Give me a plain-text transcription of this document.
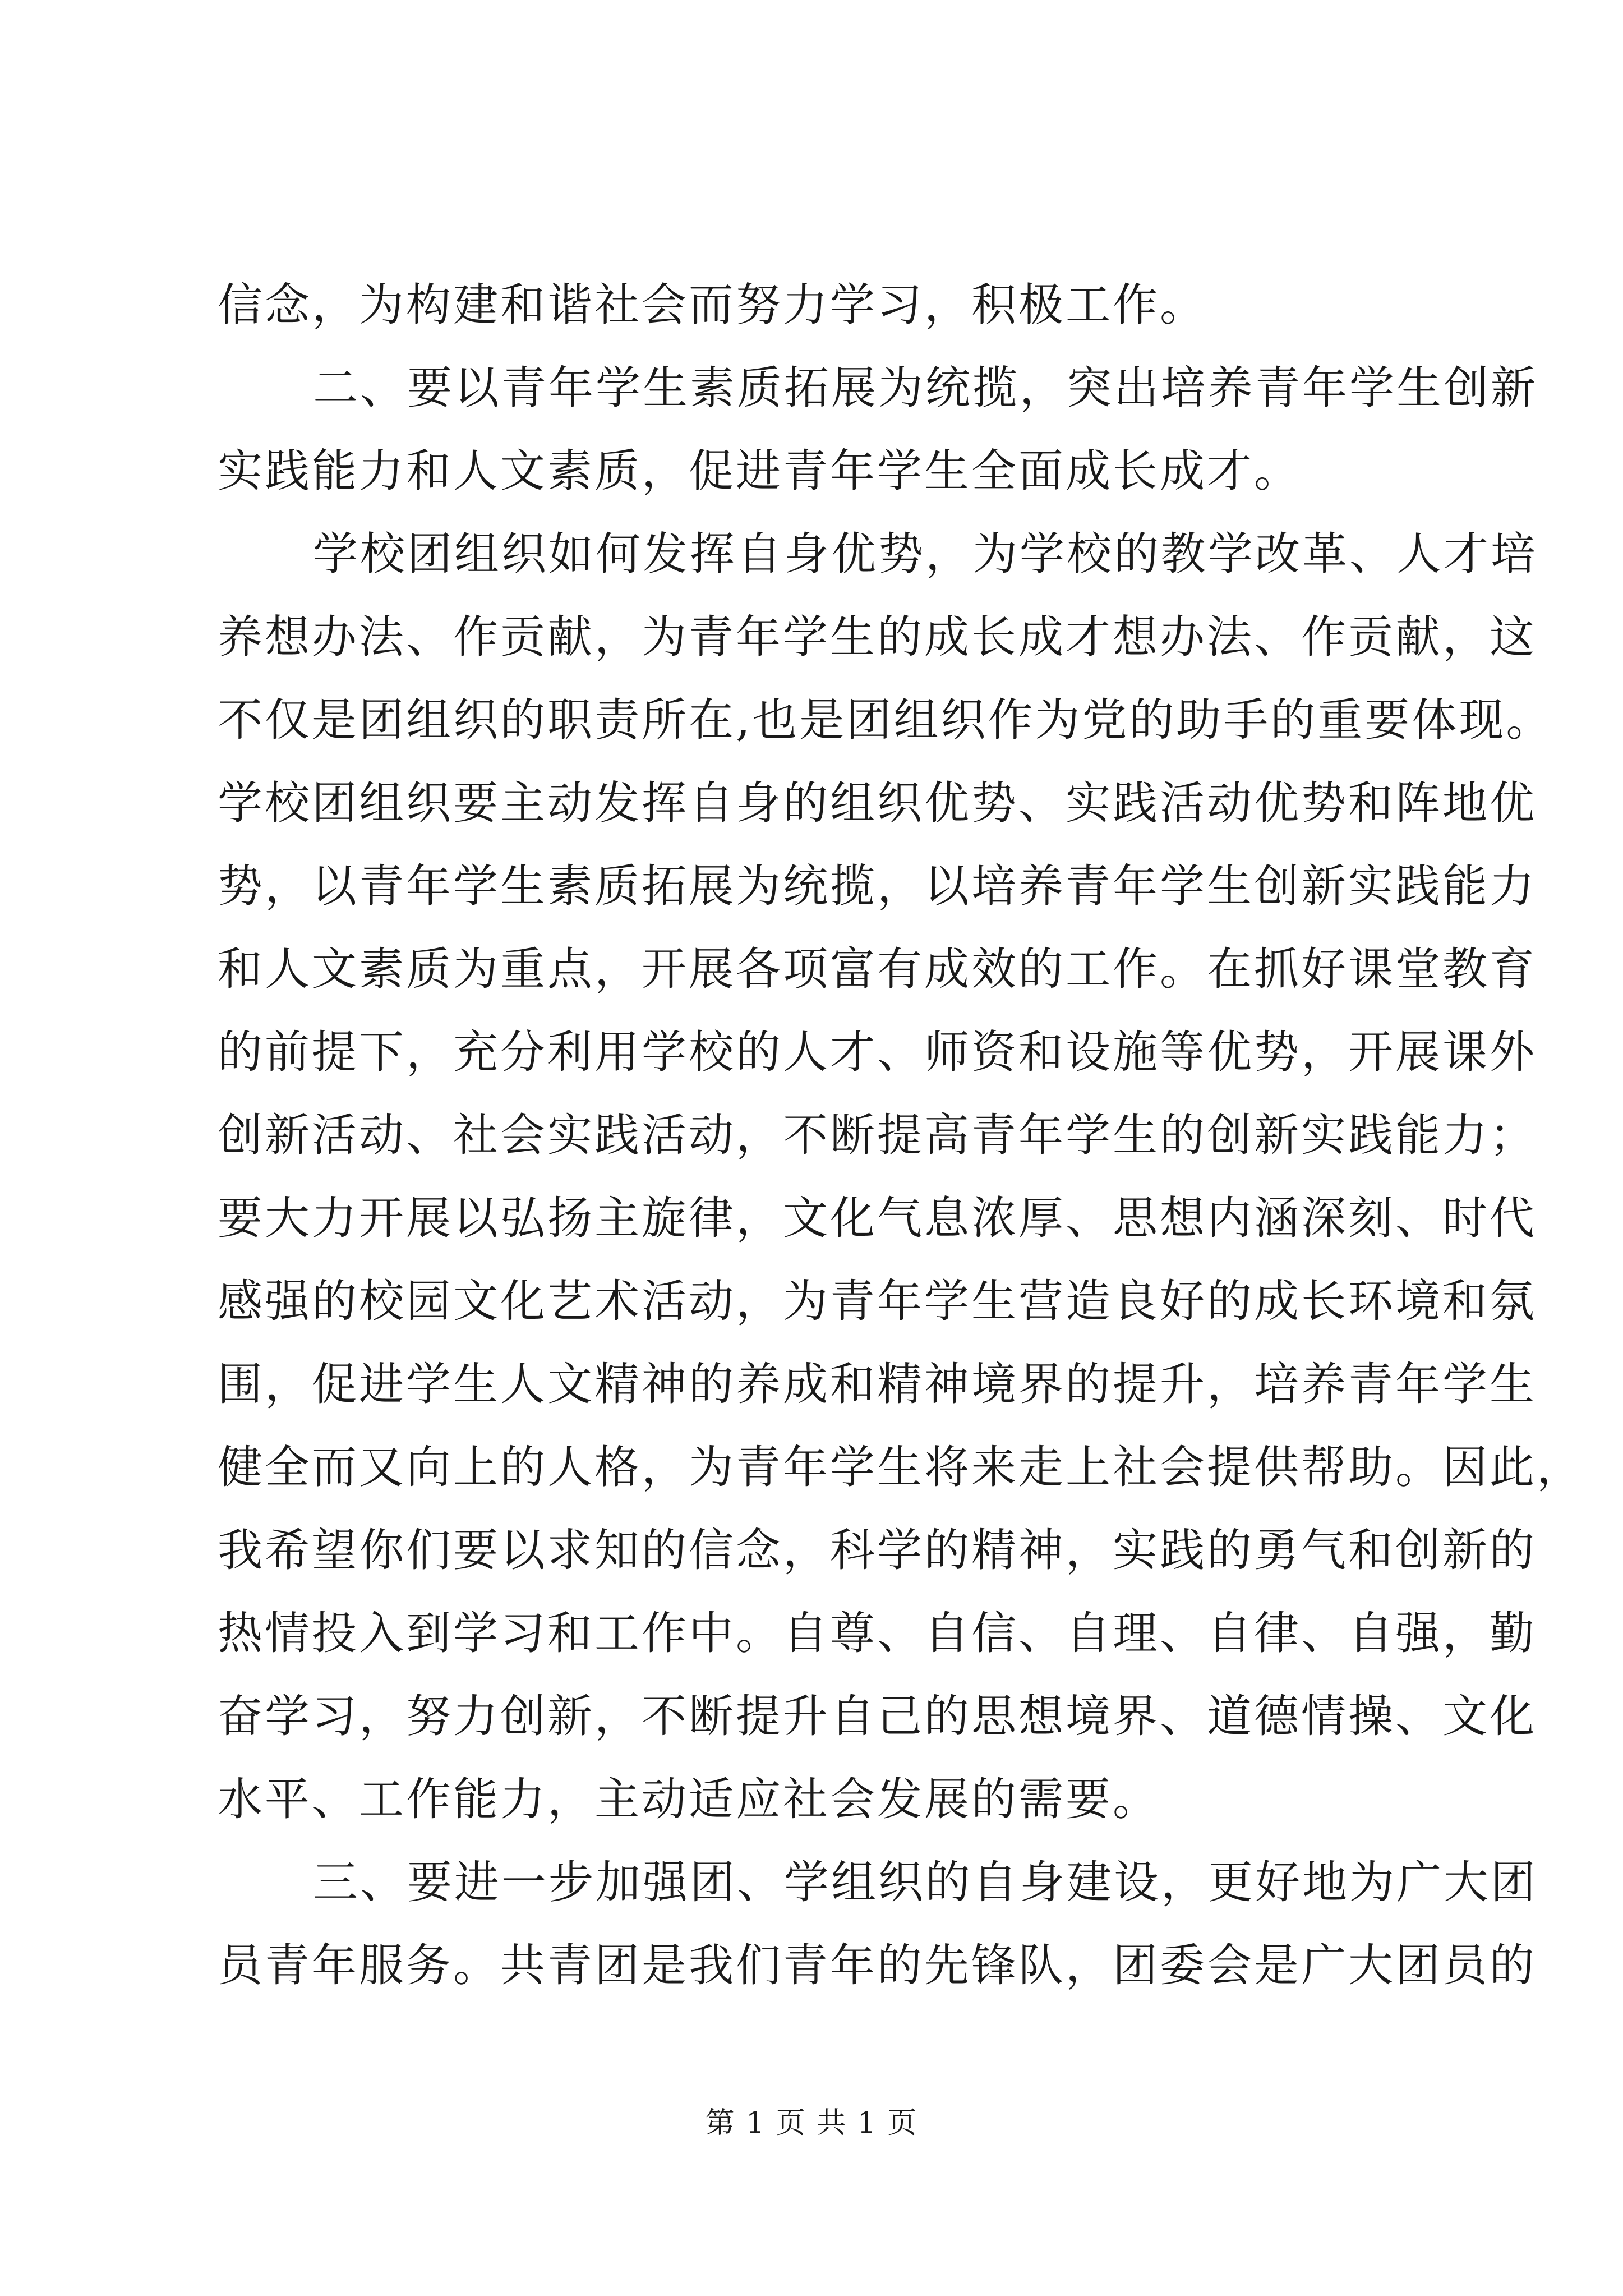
信念，为构建和谐社会而努力学习，积极工作。
二、要以青年学生素质拓展为统揽，突出培养青年学生创新
实践能力和人文素质，促进青年学生全面成长成才。
学校团组织如何发挥自身优势，为学校的教学改革、人才培
养想办法、作贡献，为青年学生的成长成才想办法、作贡献，这
不仅是团组织的职责所在,也是团组织作为党的助手的重要体现。
学校团组织要主动发挥自身的组织优势、实践活动优势和阵地优
势，以青年学生素质拓展为统揽，以培养青年学生创新实践能力
和人文素质为重点，开展各项富有成效的工作。在抓好课堂教育
的前提下，充分利用学校的人才、师资和设施等优势，开展课外
创新活动、社会实践活动，不断提高青年学生的创新实践能力；
要大力开展以弘扬主旋律，文化气息浓厚、思想内涵深刻、时代
感强的校园文化艺术活动，为青年学生营造良好的成长环境和氛
围，促进学生人文精神的养成和精神境界的提升，培养青年学生
健全而又向上的人格，为青年学生将来走上社会提供帮助。因此，
我希望你们要以求知的信念，科学的精神，实践的勇气和创新的
热情投入到学习和工作中。自尊、自信、自理、自律、自强，勤
奋学习，努力创新，不断提升自己的思想境界、道德情操、文化
水平、工作能力，主动适应社会发展的需要。
三、要进一步加强团、学组织的自身建设，更好地为广大团
员青年服务。共青团是我们青年的先锋队，团委会是广大团员的
第 1 页 共 1 页
